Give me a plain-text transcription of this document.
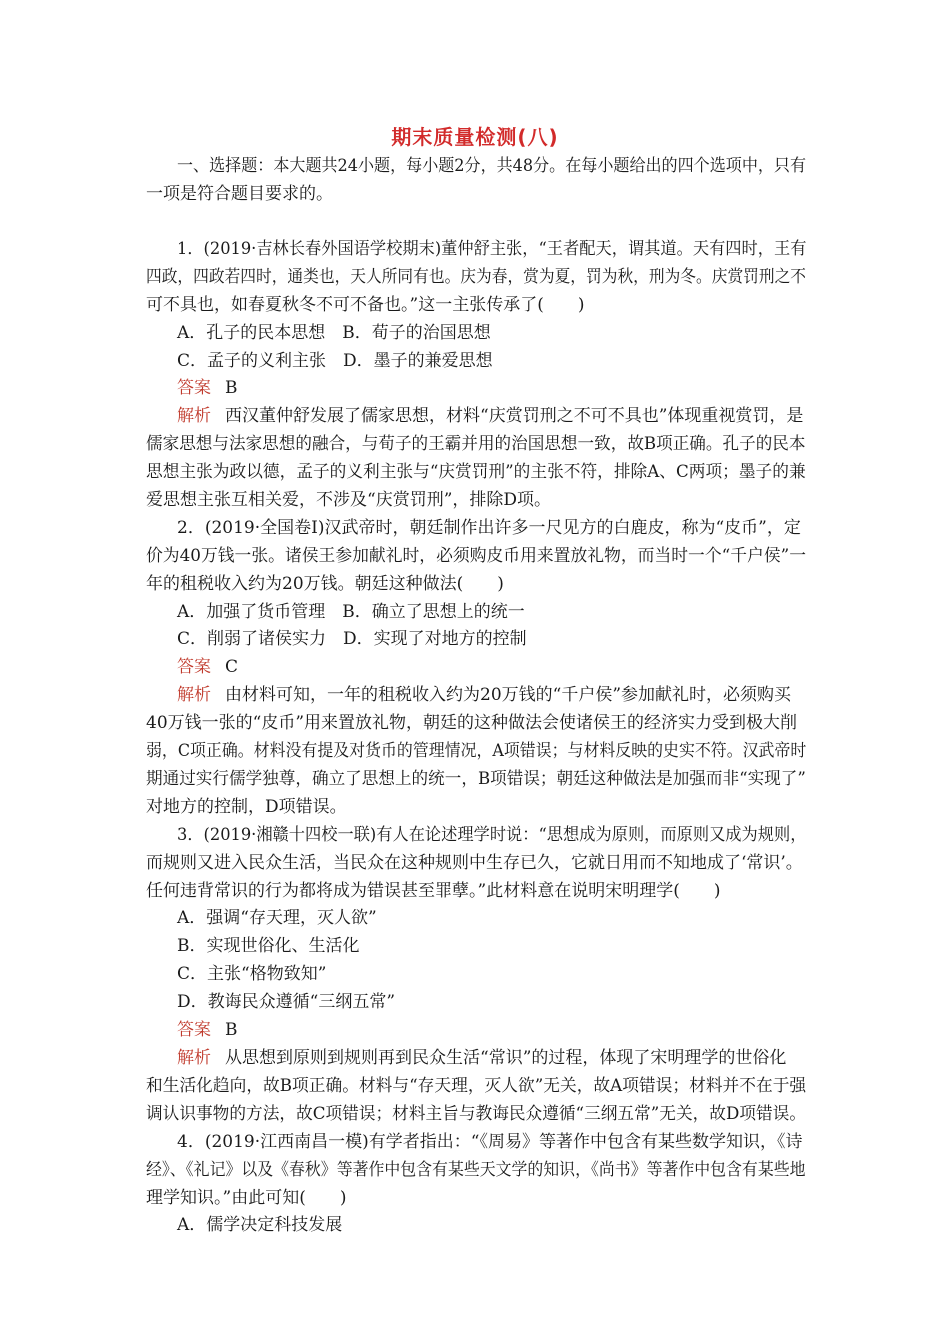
期末质量检测(八)
一、选择题：本大题共24小题，每小题2分，共48分。在每小题给出的四个选项中，只有
一项是符合题目要求的。
1．(2019·吉林长春外国语学校期末)董仲舒主张，“王者配天，谓其道。天有四时，王有
四政，四政若四时，通类也，天人所同有也。庆为春，赏为夏，罚为秋，刑为冬。庆赏罚刑之不
可不具也，如春夏秋冬不可不备也。”这一主张传承了(　　)
A．孔子的民本思想　B．荀子的治国思想
C．孟子的义利主张　D．墨子的兼爱思想
答案 B
解析 西汉董仲舒发展了儒家思想，材料“庆赏罚刑之不可不具也”体现重视赏罚，是
儒家思想与法家思想的融合，与荀子的王霸并用的治国思想一致，故B项正确。孔子的民本
思想主张为政以德，孟子的义利主张与“庆赏罚刑”的主张不符，排除A、C两项；墨子的兼
爱思想主张互相关爱，不涉及“庆赏罚刑”，排除D项。
2．(2019·全国卷Ⅰ)汉武帝时，朝廷制作出许多一尺见方的白鹿皮，称为“皮币”，定
价为40万钱一张。诸侯王参加献礼时，必须购皮币用来置放礼物，而当时一个“千户侯”一
年的租税收入约为20万钱。朝廷这种做法(　　)
A．加强了货币管理　B．确立了思想上的统一
C．削弱了诸侯实力　D．实现了对地方的控制
答案 C
解析 由材料可知，一年的租税收入约为20万钱的“千户侯”参加献礼时，必须购买
40万钱一张的“皮币”用来置放礼物，朝廷的这种做法会使诸侯王的经济实力受到极大削
弱，C项正确。材料没有提及对货币的管理情况，A项错误；与材料反映的史实不符。汉武帝时
期通过实行儒学独尊，确立了思想上的统一，B项错误；朝廷这种做法是加强而非“实现了”
对地方的控制，D项错误。
3．(2019·湘赣十四校一联)有人在论述理学时说：“思想成为原则，而原则又成为规则，
而规则又进入民众生活，当民众在这种规则中生存已久，它就日用而不知地成了‘常识’。
任何违背常识的行为都将成为错误甚至罪孽。”此材料意在说明宋明理学(　　)
A．强调“存天理，灭人欲”
B．实现世俗化、生活化
C．主张“格物致知”
D．教诲民众遵循“三纲五常”
答案 B
解析 从思想到原则到规则再到民众生活“常识”的过程，体现了宋明理学的世俗化
和生活化趋向，故B项正确。材料与“存天理，灭人欲”无关，故A项错误；材料并不在于强
调认识事物的方法，故C项错误；材料主旨与教诲民众遵循“三纲五常”无关，故D项错误。
4．(2019·江西南昌一模)有学者指出：“《周易》等著作中包含有某些数学知识，《诗
经》、《礼记》以及《春秋》等著作中包含有某些天文学的知识，《尚书》等著作中包含有某些地
理学知识。”由此可知(　　)
A．儒学决定科技发展
